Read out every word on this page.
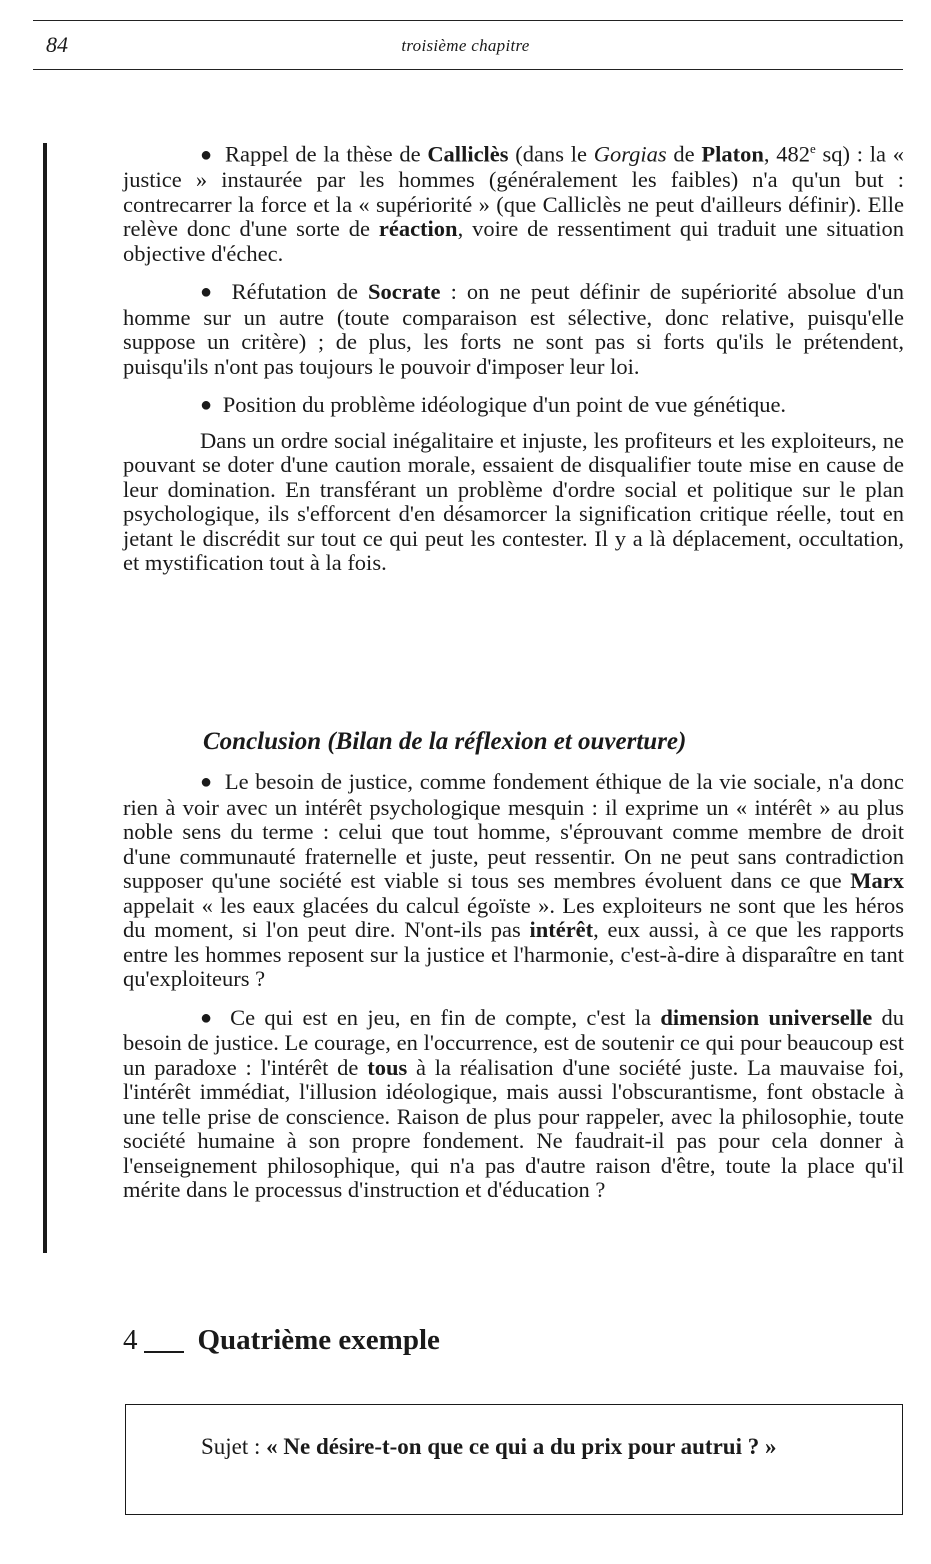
84	troisième chapitre

● Rappel de la thèse de Calliclès (dans le Gorgias de Platon, 482e sq) : la « justice » instaurée par les hommes (généralement les faibles) n'a qu'un but : contrecarrer la force et la « supériorité » (que Calliclès ne peut d'ailleurs définir). Elle relève donc d'une sorte de réaction, voire de ressentiment qui traduit une situation objective d'échec.

● Réfutation de Socrate : on ne peut définir de supériorité absolue d'un homme sur un autre (toute comparaison est sélective, donc relative, puisqu'elle suppose un critère) ; de plus, les forts ne sont pas si forts qu'ils le prétendent, puisqu'ils n'ont pas toujours le pouvoir d'imposer leur loi.

● Position du problème idéologique d'un point de vue génétique.

Dans un ordre social inégalitaire et injuste, les profiteurs et les exploiteurs, ne pouvant se doter d'une caution morale, essaient de disqualifier toute mise en cause de leur domination. En transférant un problème d'ordre social et politique sur le plan psychologique, ils s'efforcent d'en désamorcer la signification critique réelle, tout en jetant le discrédit sur tout ce qui peut les contester. Il y a là déplacement, occultation, et mystification tout à la fois.

Conclusion (Bilan de la réflexion et ouverture)

● Le besoin de justice, comme fondement éthique de la vie sociale, n'a donc rien à voir avec un intérêt psychologique mesquin : il exprime un « intérêt » au plus noble sens du terme : celui que tout homme, s'éprouvant comme membre de droit d'une communauté fraternelle et juste, peut ressentir. On ne peut sans contradiction supposer qu'une société est viable si tous ses membres évoluent dans ce que Marx appelait « les eaux glacées du calcul égoïste ». Les exploiteurs ne sont que les héros du moment, si l'on peut dire. N'ont-ils pas intérêt, eux aussi, à ce que les rapports entre les hommes reposent sur la justice et l'harmonie, c'est-à-dire à disparaître en tant qu'exploiteurs ?

● Ce qui est en jeu, en fin de compte, c'est la dimension universelle du besoin de justice. Le courage, en l'occurrence, est de soutenir ce qui pour beaucoup est un paradoxe : l'intérêt de tous à la réalisation d'une société juste. La mauvaise foi, l'intérêt immédiat, l'illusion idéologique, mais aussi l'obscurantisme, font obstacle à une telle prise de conscience. Raison de plus pour rappeler, avec la philosophie, toute société humaine à son propre fondement. Ne faudrait-il pas pour cela donner à l'enseignement philosophique, qui n'a pas d'autre raison d'être, toute la place qu'il mérite dans le processus d'instruction et d'éducation ?

4 Quatrième exemple
Sujet : « Ne désire-t-on que ce qui a du prix pour autrui ? »
